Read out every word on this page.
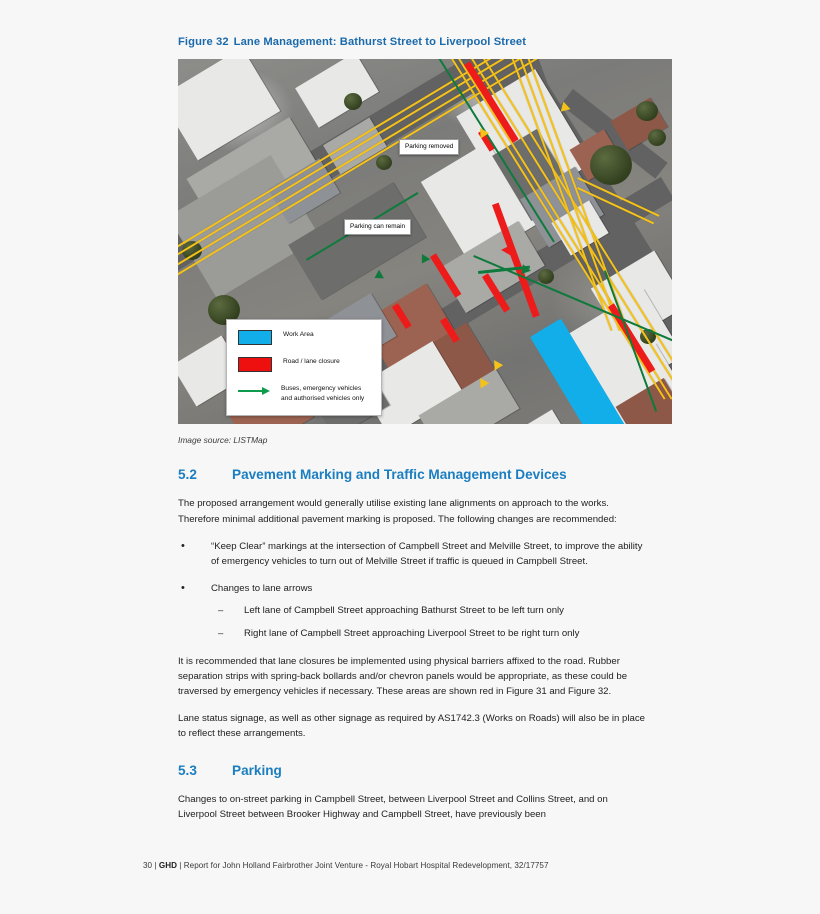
Figure 32 Lane Management: Bathurst Street to Liverpool Street
Parking removed
Parking can remain
Work Area
Road / lane closure
Buses, emergency vehicles and authorised vehicles only

Image source: LISTMap

5.2	Pavement Marking and Traffic Management Devices

The proposed arrangement would generally utilise existing lane alignments on approach to the works. Therefore minimal additional pavement marking is proposed. The following changes are recommended:

• “Keep Clear” markings at the intersection of Campbell Street and Melville Street, to improve the ability of emergency vehicles to turn out of Melville Street if traffic is queued in Campbell Street.
• Changes to lane arrows
– Left lane of Campbell Street approaching Bathurst Street to be left turn only
– Right lane of Campbell Street approaching Liverpool Street to be right turn only

It is recommended that lane closures be implemented using physical barriers affixed to the road. Rubber separation strips with spring-back bollards and/or chevron panels would be appropriate, as these could be traversed by emergency vehicles if necessary. These areas are shown red in Figure 31 and Figure 32.

Lane status signage, as well as other signage as required by AS1742.3 (Works on Roads) will also be in place to reflect these arrangements.

5.3	Parking

Changes to on-street parking in Campbell Street, between Liverpool Street and Collins Street, and on Liverpool Street between Brooker Highway and Campbell Street, have previously been

30 | GHD | Report for John Holland Fairbrother Joint Venture - Royal Hobart Hospital Redevelopment, 32/17757
